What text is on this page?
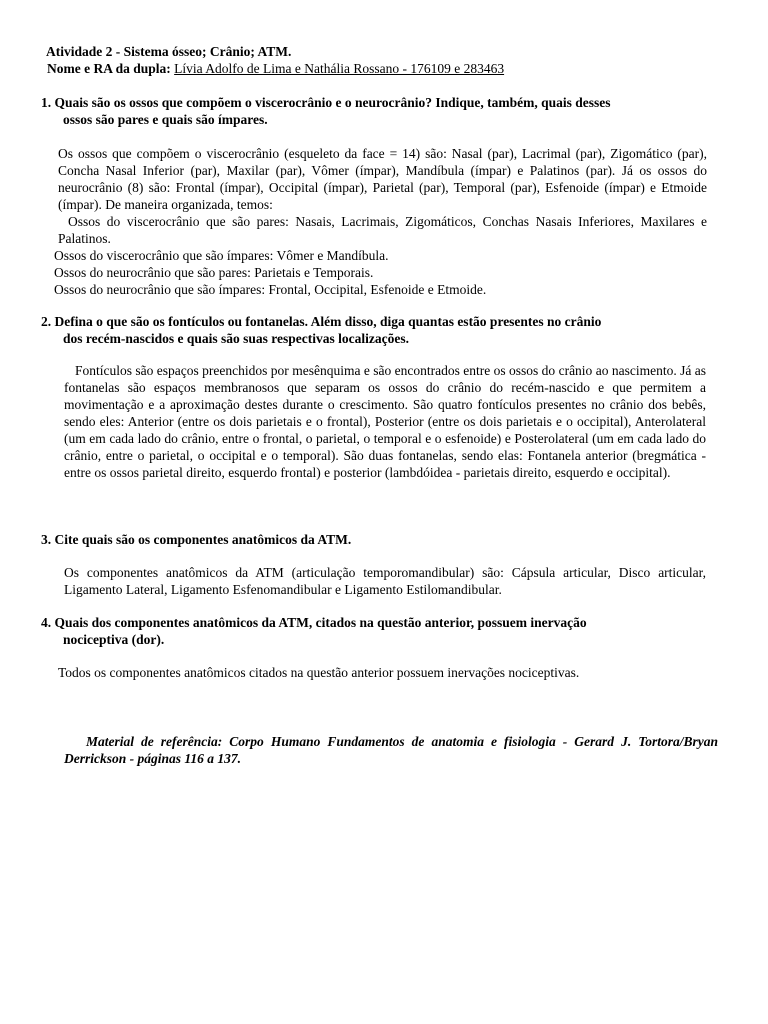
Atividade 2 - Sistema ósseo; Crânio; ATM.
Nome e RA da dupla: Lívia Adolfo de Lima e Nathália Rossano - 176109 e 283463
1. Quais são os ossos que compõem o viscerocrânio e o neurocrânio? Indique, também, quais desses
ossos são pares e quais são ímpares.

Os ossos que compõem o viscerocrânio (esqueleto da face = 14) são: Nasal (par), Lacrimal (par), Zigomático (par), Concha Nasal Inferior (par), Maxilar (par), Vômer (ímpar), Mandíbula (ímpar) e Palatinos (par). Já os ossos do neurocrânio (8) são: Frontal (ímpar), Occipital (ímpar), Parietal (par), Temporal (par), Esfenoide (ímpar) e Etmoide (ímpar). De maneira organizada, temos:

Ossos do viscerocrânio que são pares: Nasais, Lacrimais, Zigomáticos, Conchas Nasais Inferiores, Maxilares e Palatinos.

Ossos do viscerocrânio que são ímpares: Vômer e Mandíbula.

Ossos do neurocrânio que são pares: Parietais e Temporais.

Ossos do neurocrânio que são ímpares: Frontal, Occipital, Esfenoide e Etmoide.

2. Defina o que são os fontículos ou fontanelas. Além disso, diga quantas estão presentes no crânio
dos recém-nascidos e quais são suas respectivas localizações.

Fontículos são espaços preenchidos por mesênquima e são encontrados entre os ossos do crânio ao nascimento. Já as fontanelas são espaços membranosos que separam os ossos do crânio do recém-nascido e que permitem a movimentação e a aproximação destes durante o crescimento. São quatro fontículos presentes no crânio dos bebês, sendo eles: Anterior (entre os dois parietais e o frontal), Posterior (entre os dois parietais e o occipital), Anterolateral (um em cada lado do crânio, entre o frontal, o parietal, o temporal e o esfenoide) e Posterolateral (um em cada lado do crânio, entre o parietal, o occipital e o temporal). São duas fontanelas, sendo elas: Fontanela anterior (bregmática - entre os ossos parietal direito, esquerdo frontal) e posterior (lambdóidea - parietais direito, esquerdo e occipital).

3. Cite quais são os componentes anatômicos da ATM.

Os componentes anatômicos da ATM (articulação temporomandibular) são: Cápsula articular, Disco articular, Ligamento Lateral, Ligamento Esfenomandibular e Ligamento Estilomandibular.

4. Quais dos componentes anatômicos da ATM, citados na questão anterior, possuem inervação
nociceptiva (dor).

Todos os componentes anatômicos citados na questão anterior possuem inervações nociceptivas.

Material de referência: Corpo Humano Fundamentos de anatomia e fisiologia - Gerard J. Tortora/Bryan Derrickson - páginas 116 a 137.
